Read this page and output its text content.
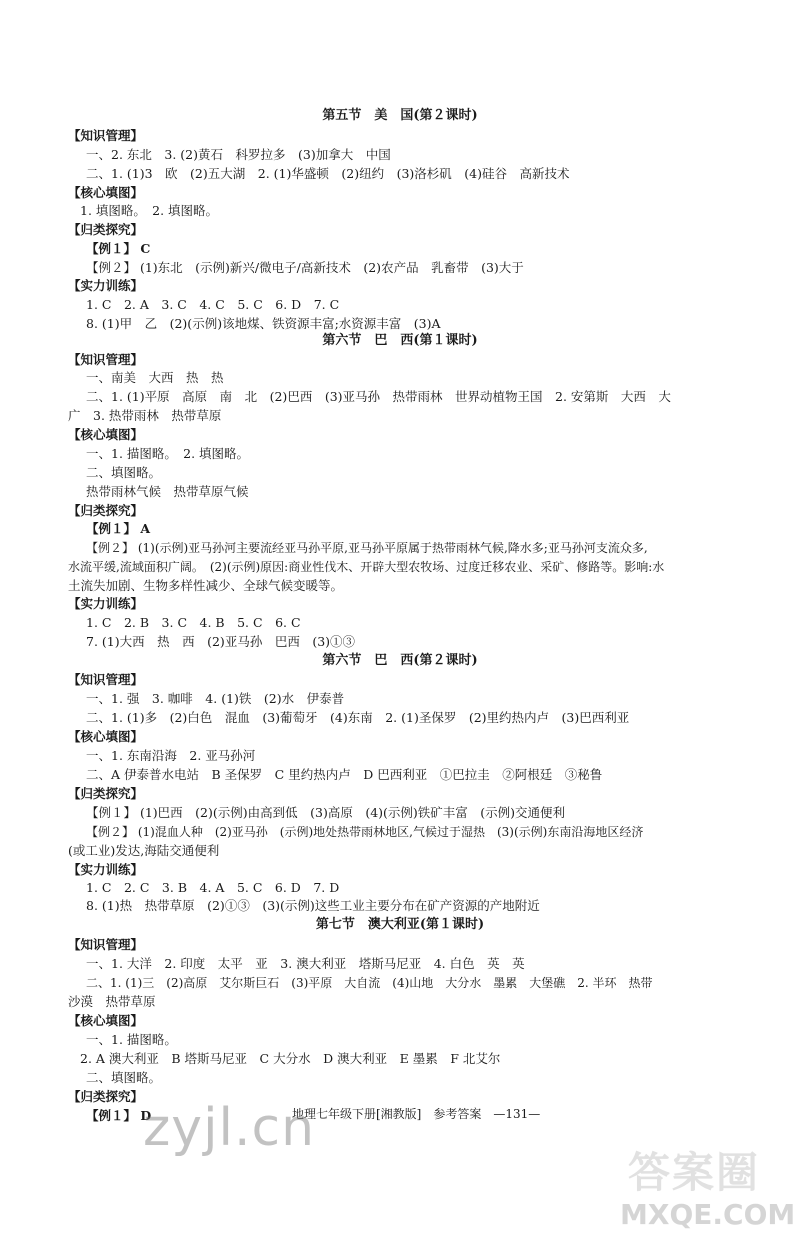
第五节　美　国(第２课时)
【知识管理】
一、2. 东北　3. (2)黄石　科罗拉多　(3)加拿大　中国
二、1. (1)3　欧　(2)五大湖　2. (1)华盛顿　(2)纽约　(3)洛杉矶　(4)硅谷　高新技术
【核心填图】
1. 填图略。　2. 填图略。
【归类探究】
【例１】 C
【例２】 (1)东北　(示例)新兴/微电子/高新技术　(2)农产品　乳畜带　(3)大于
【实力训练】
1. C　2. A　3. C　4. C　5. C　6. D　7. C
8. (1)甲　乙　(2)(示例)该地煤、铁资源丰富;水资源丰富　(3)A
第六节　巴　西(第１课时)
【知识管理】
一、南美　大西　热　热
二、1. (1)平原　高原　南　北　(2)巴西　(3)亚马孙　热带雨林　世界动植物王国　2. 安第斯　大西　大
广　3. 热带雨林　热带草原
【核心填图】
一、1. 描图略。　2. 填图略。
二、填图略。
热带雨林气候　热带草原气候
【归类探究】
【例１】 A
【例２】 (1)(示例)亚马孙河主要流经亚马孙平原,亚马孙平原属于热带雨林气候,降水多;亚马孙河支流众多,
水流平缓,流域面积广阔。　(2)(示例)原因:商业性伐木、开辟大型农牧场、过度迁移农业、采矿、修路等。影响:水
土流失加剧、生物多样性减少、全球气候变暖等。
【实力训练】
1. C　2. B　3. C　4. B　5. C　6. C
7. (1)大西　热　西　(2)亚马孙　巴西　(3)①③
第六节　巴　西(第２课时)
【知识管理】
一、1. 强　3. 咖啡　4. (1)铁　(2)水　伊泰普
二、1. (1)多　(2)白色　混血　(3)葡萄牙　(4)东南　2. (1)圣保罗　(2)里约热内卢　(3)巴西利亚
【核心填图】
一、1. 东南沿海　2. 亚马孙河
二、A 伊泰普水电站　B 圣保罗　C 里约热内卢　D 巴西利亚　①巴拉圭　②阿根廷　③秘鲁
【归类探究】
【例１】 (1)巴西　(2)(示例)由高到低　(3)高原　(4)(示例)铁矿丰富　(示例)交通便利
【例２】 (1)混血人种　(2)亚马孙　(示例)地处热带雨林地区,气候过于湿热　(3)(示例)东南沿海地区经济
(或工业)发达,海陆交通便利
【实力训练】
1. C　2. C　3. B　4. A　5. C　6. D　7. D
8. (1)热　热带草原　(2)①③　(3)(示例)这些工业主要分布在矿产资源的产地附近
第七节　澳大利亚(第１课时)
【知识管理】
一、1. 大洋　2. 印度　太平　亚　3. 澳大利亚　塔斯马尼亚　4. 白色　英　英
二、1. (1)三　(2)高原　艾尔斯巨石　(3)平原　大自流　(4)山地　大分水　墨累　大堡礁　2. 半环　热带
沙漠　热带草原
【核心填图】
一、1. 描图略。
2. A 澳大利亚　B 塔斯马尼亚　C 大分水　D 澳大利亚　E 墨累　F 北艾尔
二、填图略。
【归类探究】
【例１】 D	地理七年级下册[湘教版]　参考答案　—131—
zyjl.cn
答案圈
MXQE.COM
